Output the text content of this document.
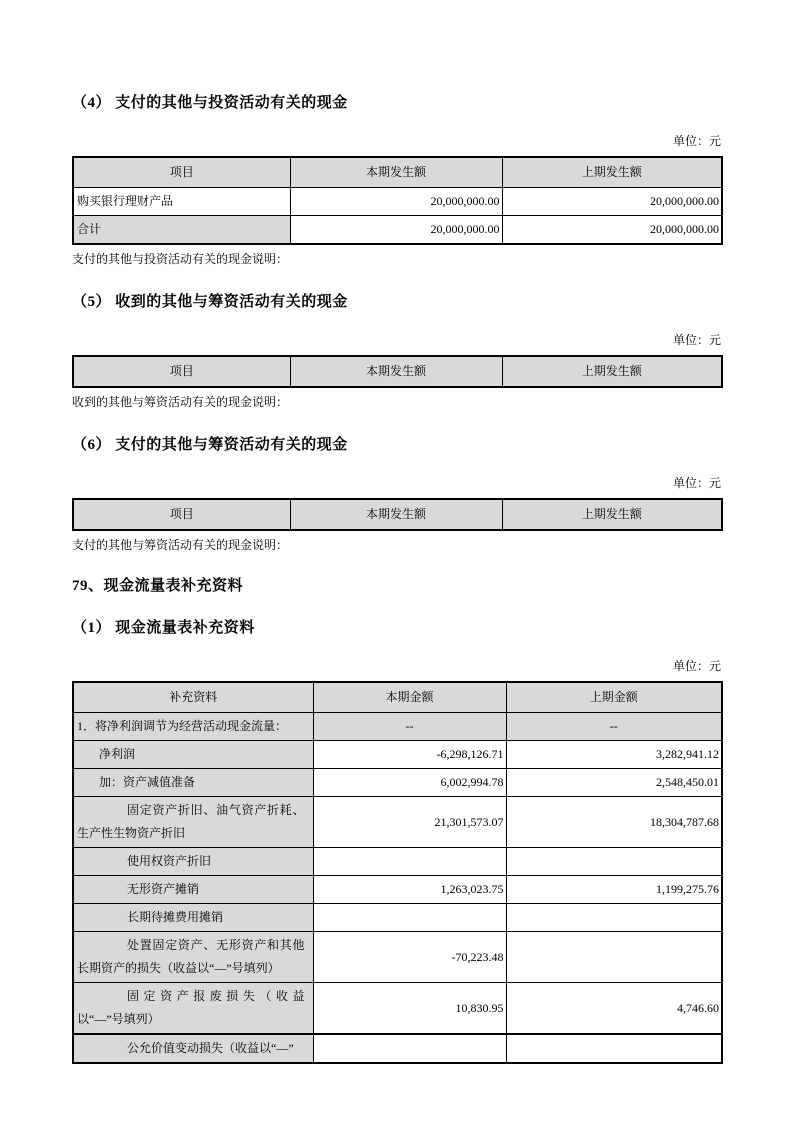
（4） 支付的其他与投资活动有关的现金
单位：元
项目	本期发生额	上期发生额
购买银行理财产品	20,000,000.00	20,000,000.00
合计	20,000,000.00	20,000,000.00

支付的其他与投资活动有关的现金说明：

（5） 收到的其他与筹资活动有关的现金
单位：元
项目	本期发生额	上期发生额

收到的其他与筹资活动有关的现金说明：

（6） 支付的其他与筹资活动有关的现金
单位：元
项目	本期发生额	上期发生额

支付的其他与筹资活动有关的现金说明：

79、现金流量表补充资料
（1） 现金流量表补充资料
单位：元
补充资料	本期金额	上期金额
1．将净利润调节为经营活动现金流量：	--	--
净利润	-6,298,126.71	3,282,941.12
加：资产减值准备	6,002,994.78	2,548,450.01
固定资产折旧、油气资产折耗、生产性生物资产折旧	21,301,573.07	18,304,787.68
使用权资产折旧		
无形资产摊销	1,263,023.75	1,199,275.76
长期待摊费用摊销		
处置固定资产、无形资产和其他长期资产的损失（收益以“—”号填列）	-70,223.48	
固定资产报废损失（收益以“—”号填列）	10,830.95	4,746.60
公允价值变动损失（收益以“—”		
